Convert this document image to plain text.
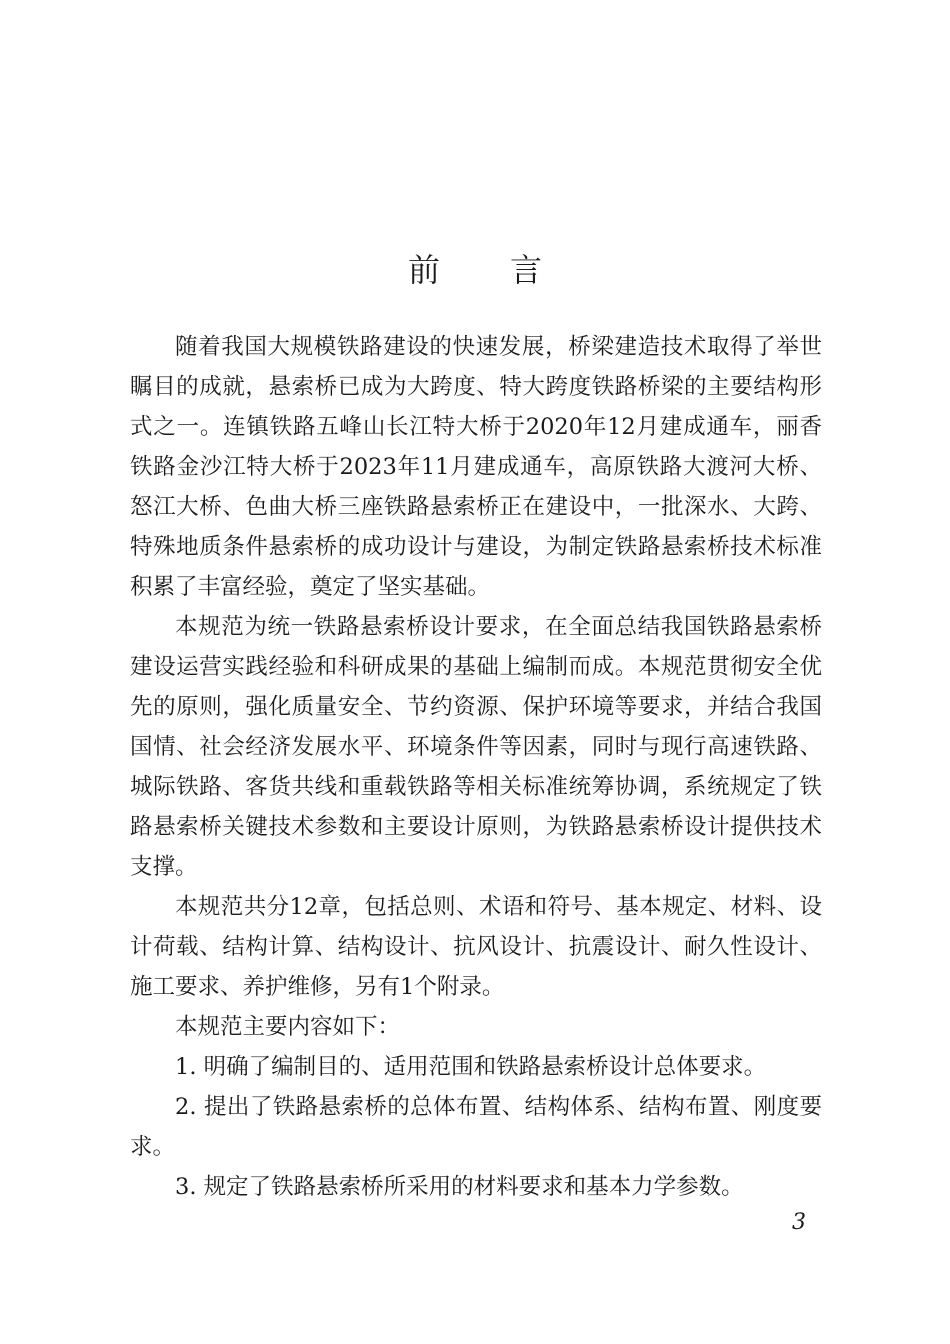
前 言

随着我国大规模铁路建设的快速发展，桥梁建造技术取得了举世瞩目的成就，悬索桥已成为大跨度、特大跨度铁路桥梁的主要结构形式之一。连镇铁路五峰山长江特大桥于2020年12月建成通车，丽香铁路金沙江特大桥于2023年11月建成通车，高原铁路大渡河大桥、怒江大桥、色曲大桥三座铁路悬索桥正在建设中，一批深水、大跨、特殊地质条件悬索桥的成功设计与建设，为制定铁路悬索桥技术标准积累了丰富经验，奠定了坚实基础。

本规范为统一铁路悬索桥设计要求，在全面总结我国铁路悬索桥建设运营实践经验和科研成果的基础上编制而成。本规范贯彻安全优先的原则，强化质量安全、节约资源、保护环境等要求，并结合我国国情、社会经济发展水平、环境条件等因素，同时与现行高速铁路、城际铁路、客货共线和重载铁路等相关标准统筹协调，系统规定了铁路悬索桥关键技术参数和主要设计原则，为铁路悬索桥设计提供技术支撑。

本规范共分12章，包括总则、术语和符号、基本规定、材料、设计荷载、结构计算、结构设计、抗风设计、抗震设计、耐久性设计、施工要求、养护维修，另有1个附录。

本规范主要内容如下：

1. 明确了编制目的、适用范围和铁路悬索桥设计总体要求。

2. 提出了铁路悬索桥的总体布置、结构体系、结构布置、刚度要求。

3. 规定了铁路悬索桥所采用的材料要求和基本力学参数。

3
